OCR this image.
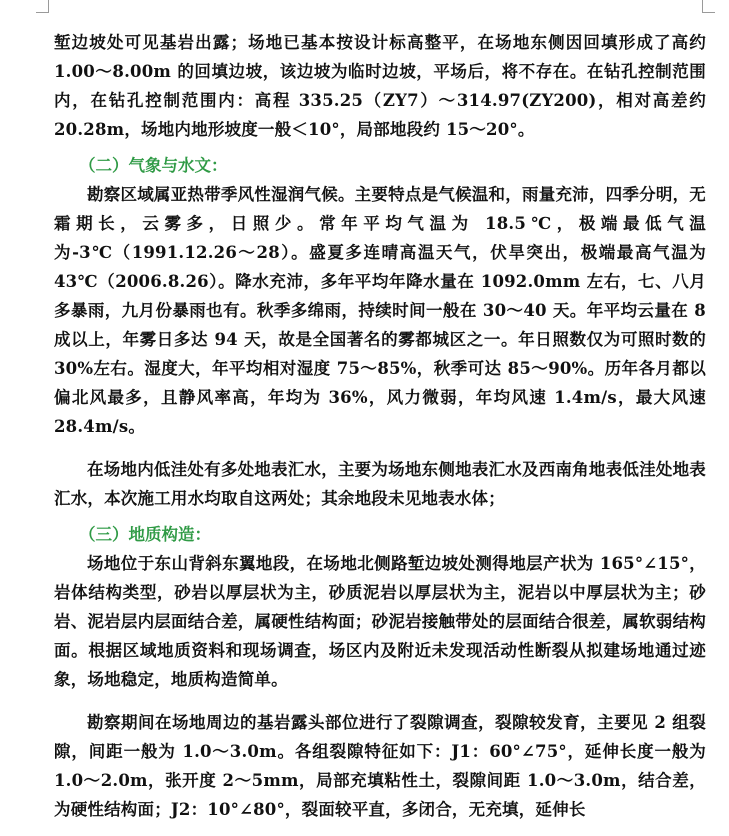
堑边坡处可见基岩出露；场地已基本按设计标高整平，在场地东侧因回填形成了高约 1.00～8.00m 的回填边坡，该边坡为临时边坡，平场后，将不存在。在钻孔控制范围内，在钻孔控制范围内：高程 335.25（ZY7）～314.97(ZY200)，相对高差约 20.28m，场地内地形坡度一般＜10°，局部地段约 15～20°。

（二）气象与水文：

勘察区域属亚热带季风性湿润气候。主要特点是气候温和，雨量充沛，四季分明，无霜期长，云雾多，日照少。常年平均气温为 18.5℃，极端最低气温为-3℃（1991.12.26～28）。盛夏多连晴高温天气，伏旱突出，极端最高气温为 43℃（2006.8.26）。降水充沛，多年平均年降水量在 1092.0mm 左右，七、八月多暴雨，九月份暴雨也有。秋季多绵雨，持续时间一般在 30～40 天。年平均云量在 8 成以上，年雾日多达 94 天，故是全国著名的雾都城区之一。年日照数仅为可照时数的 30%左右。湿度大，年平均相对湿度 75～85%，秋季可达 85～90%。历年各月都以偏北风最多，且静风率高，年均为 36%，风力微弱，年均风速 1.4m/s，最大风速 28.4m/s。

在场地内低洼处有多处地表汇水，主要为场地东侧地表汇水及西南角地表低洼处地表汇水，本次施工用水均取自这两处；其余地段未见地表水体；

（三）地质构造：

场地位于东山背斜东翼地段，在场地北侧路堑边坡处测得地层产状为 165°∠15°，岩体结构类型，砂岩以厚层状为主，砂质泥岩以厚层状为主，泥岩以中厚层状为主；砂岩、泥岩层内层面结合差，属硬性结构面；砂泥岩接触带处的层面结合很差，属软弱结构面。根据区域地质资料和现场调查，场区内及附近未发现活动性断裂从拟建场地通过迹象，场地稳定，地质构造简单。

勘察期间在场地周边的基岩露头部位进行了裂隙调查，裂隙较发育，主要见 2 组裂隙，间距一般为 1.0～3.0m。各组裂隙特征如下：J1：60°∠75°，延伸长度一般为 1.0～2.0m，张开度 2～5mm，局部充填粘性土，裂隙间距 1.0～3.0m，结合差，为硬性结构面；J2：10°∠80°，裂面较平直，多闭合，无充填，延伸长
